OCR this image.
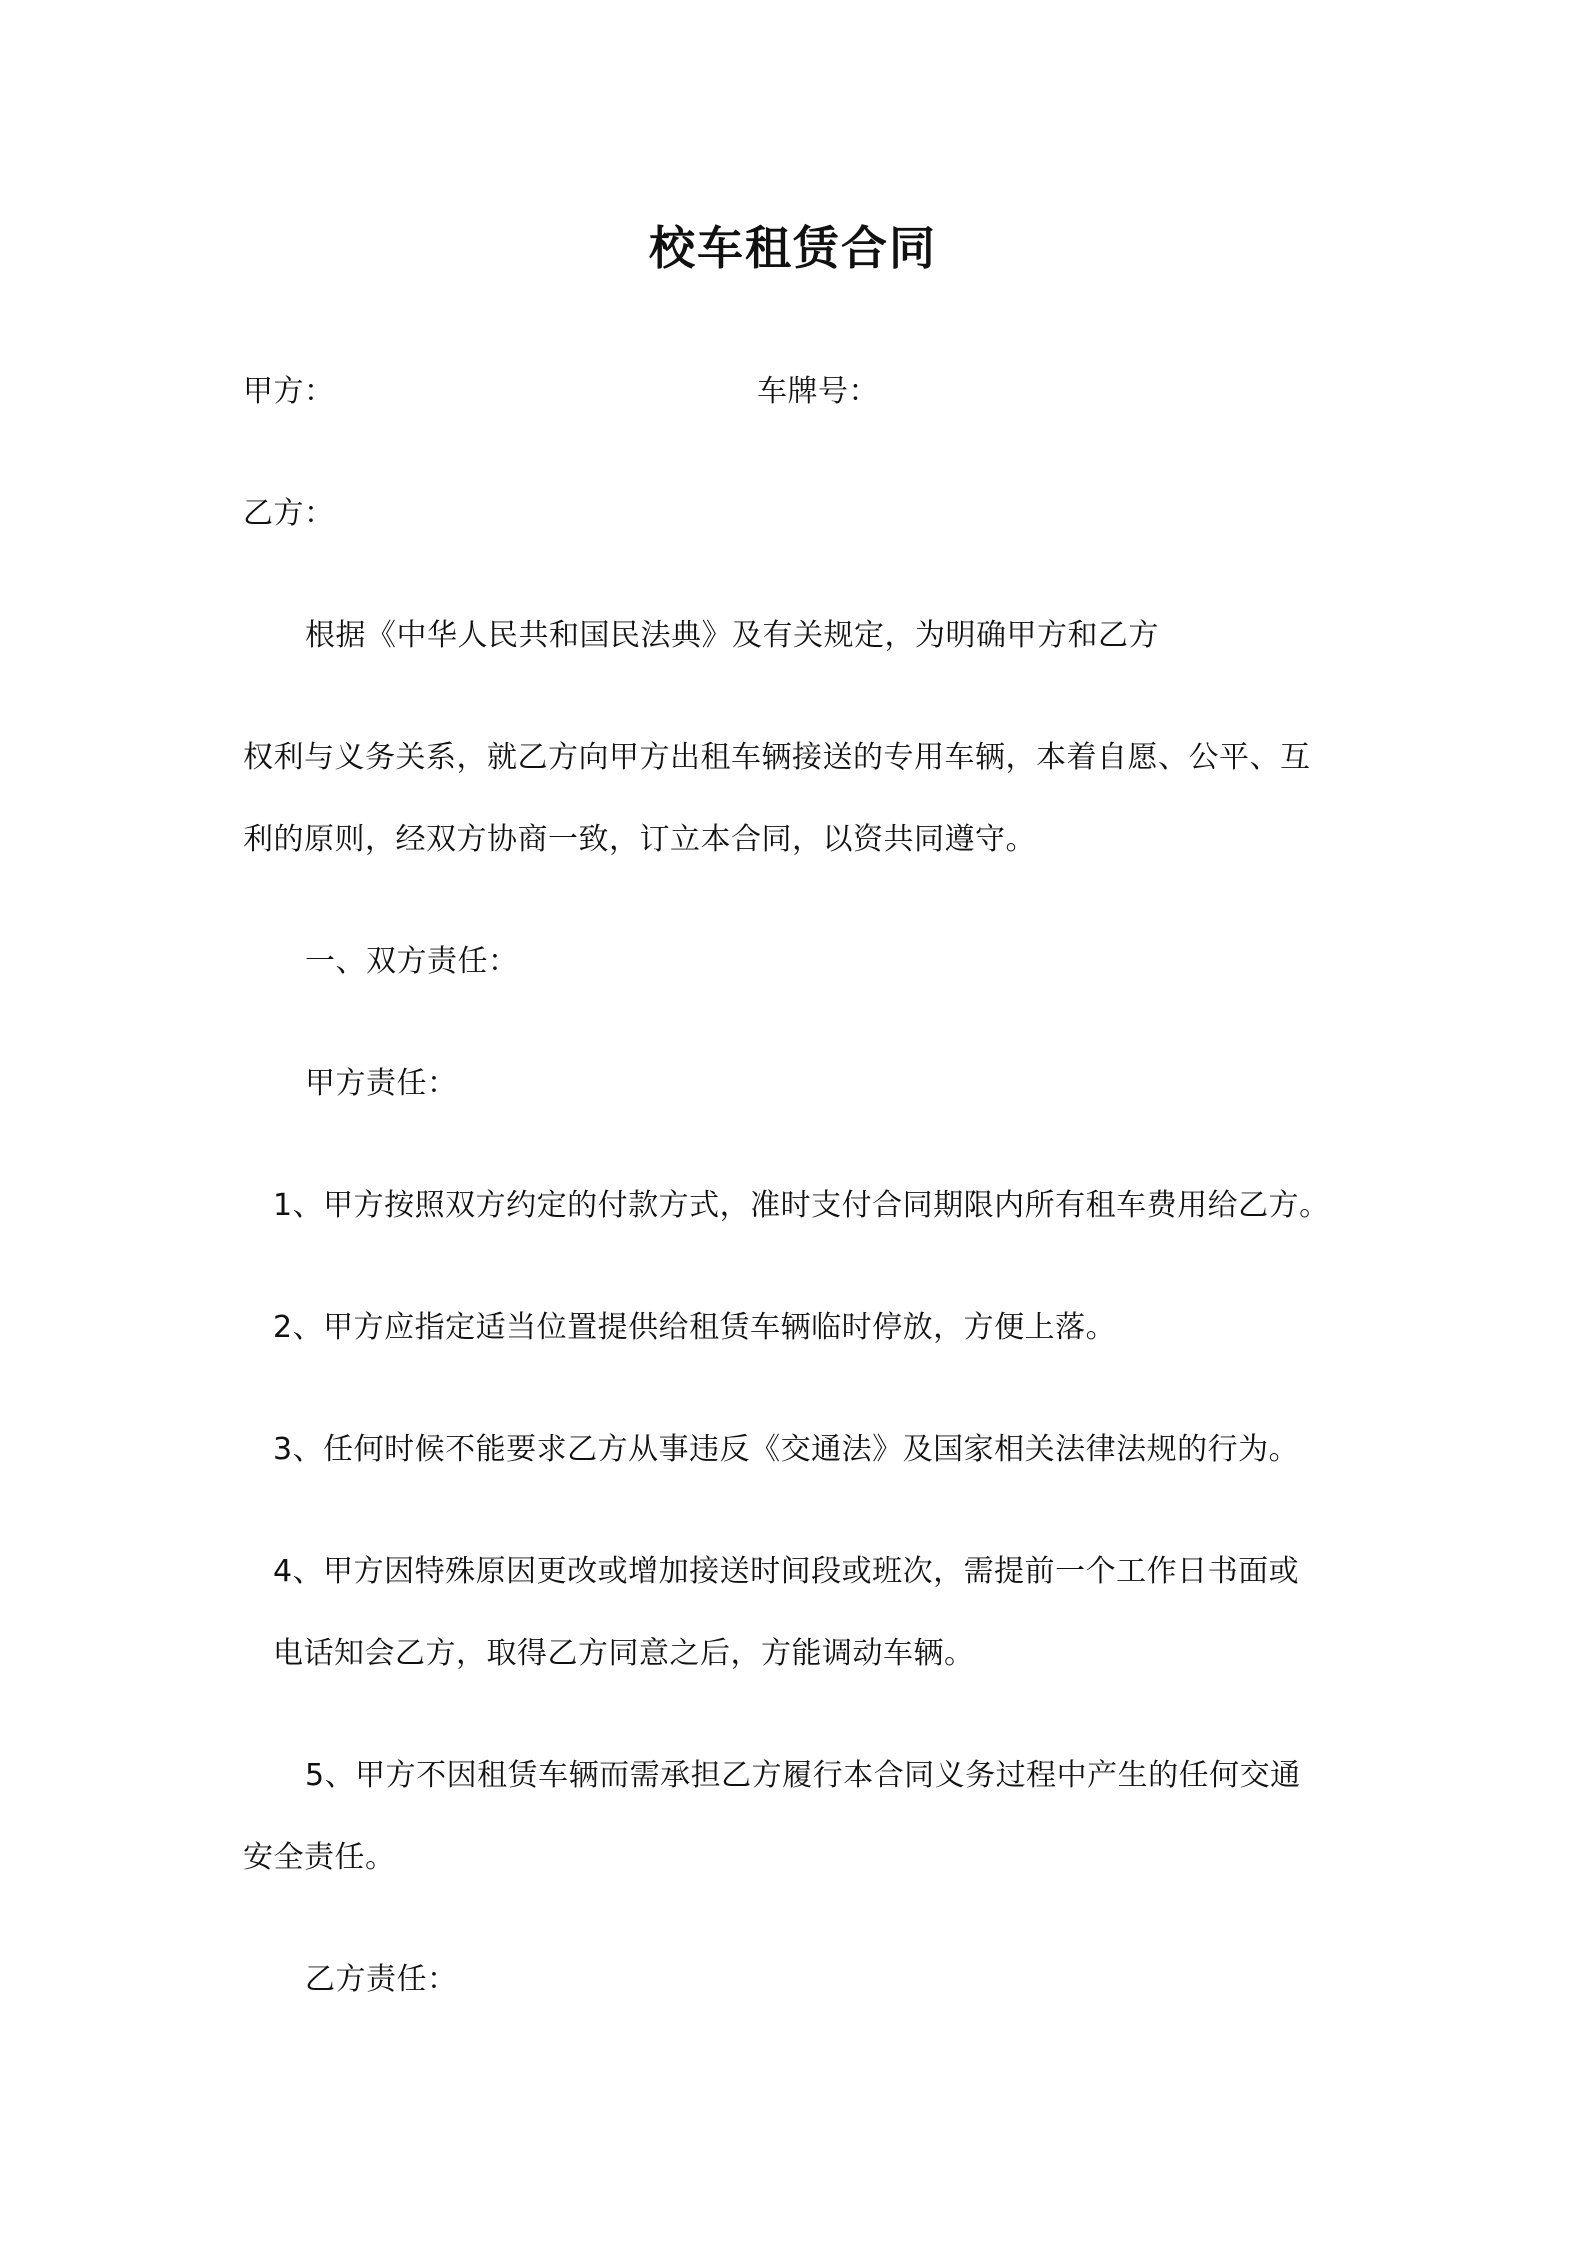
校车租赁合同
甲方：	车牌号：
乙方：
根据《中华人民共和国民法典》及有关规定，为明确甲方和乙方
权利与义务关系，就乙方向甲方出租车辆接送的专用车辆，本着自愿、公平、互
利的原则，经双方协商一致，订立本合同，以资共同遵守。
一、双方责任：
甲方责任：
1、甲方按照双方约定的付款方式，准时支付合同期限内所有租车费用给乙方。
2、甲方应指定适当位置提供给租赁车辆临时停放，方便上落。
3、任何时候不能要求乙方从事违反《交通法》及国家相关法律法规的行为。
4、甲方因特殊原因更改或增加接送时间段或班次，需提前一个工作日书面或
电话知会乙方，取得乙方同意之后，方能调动车辆。
5、甲方不因租赁车辆而需承担乙方履行本合同义务过程中产生的任何交通
安全责任。
乙方责任：
